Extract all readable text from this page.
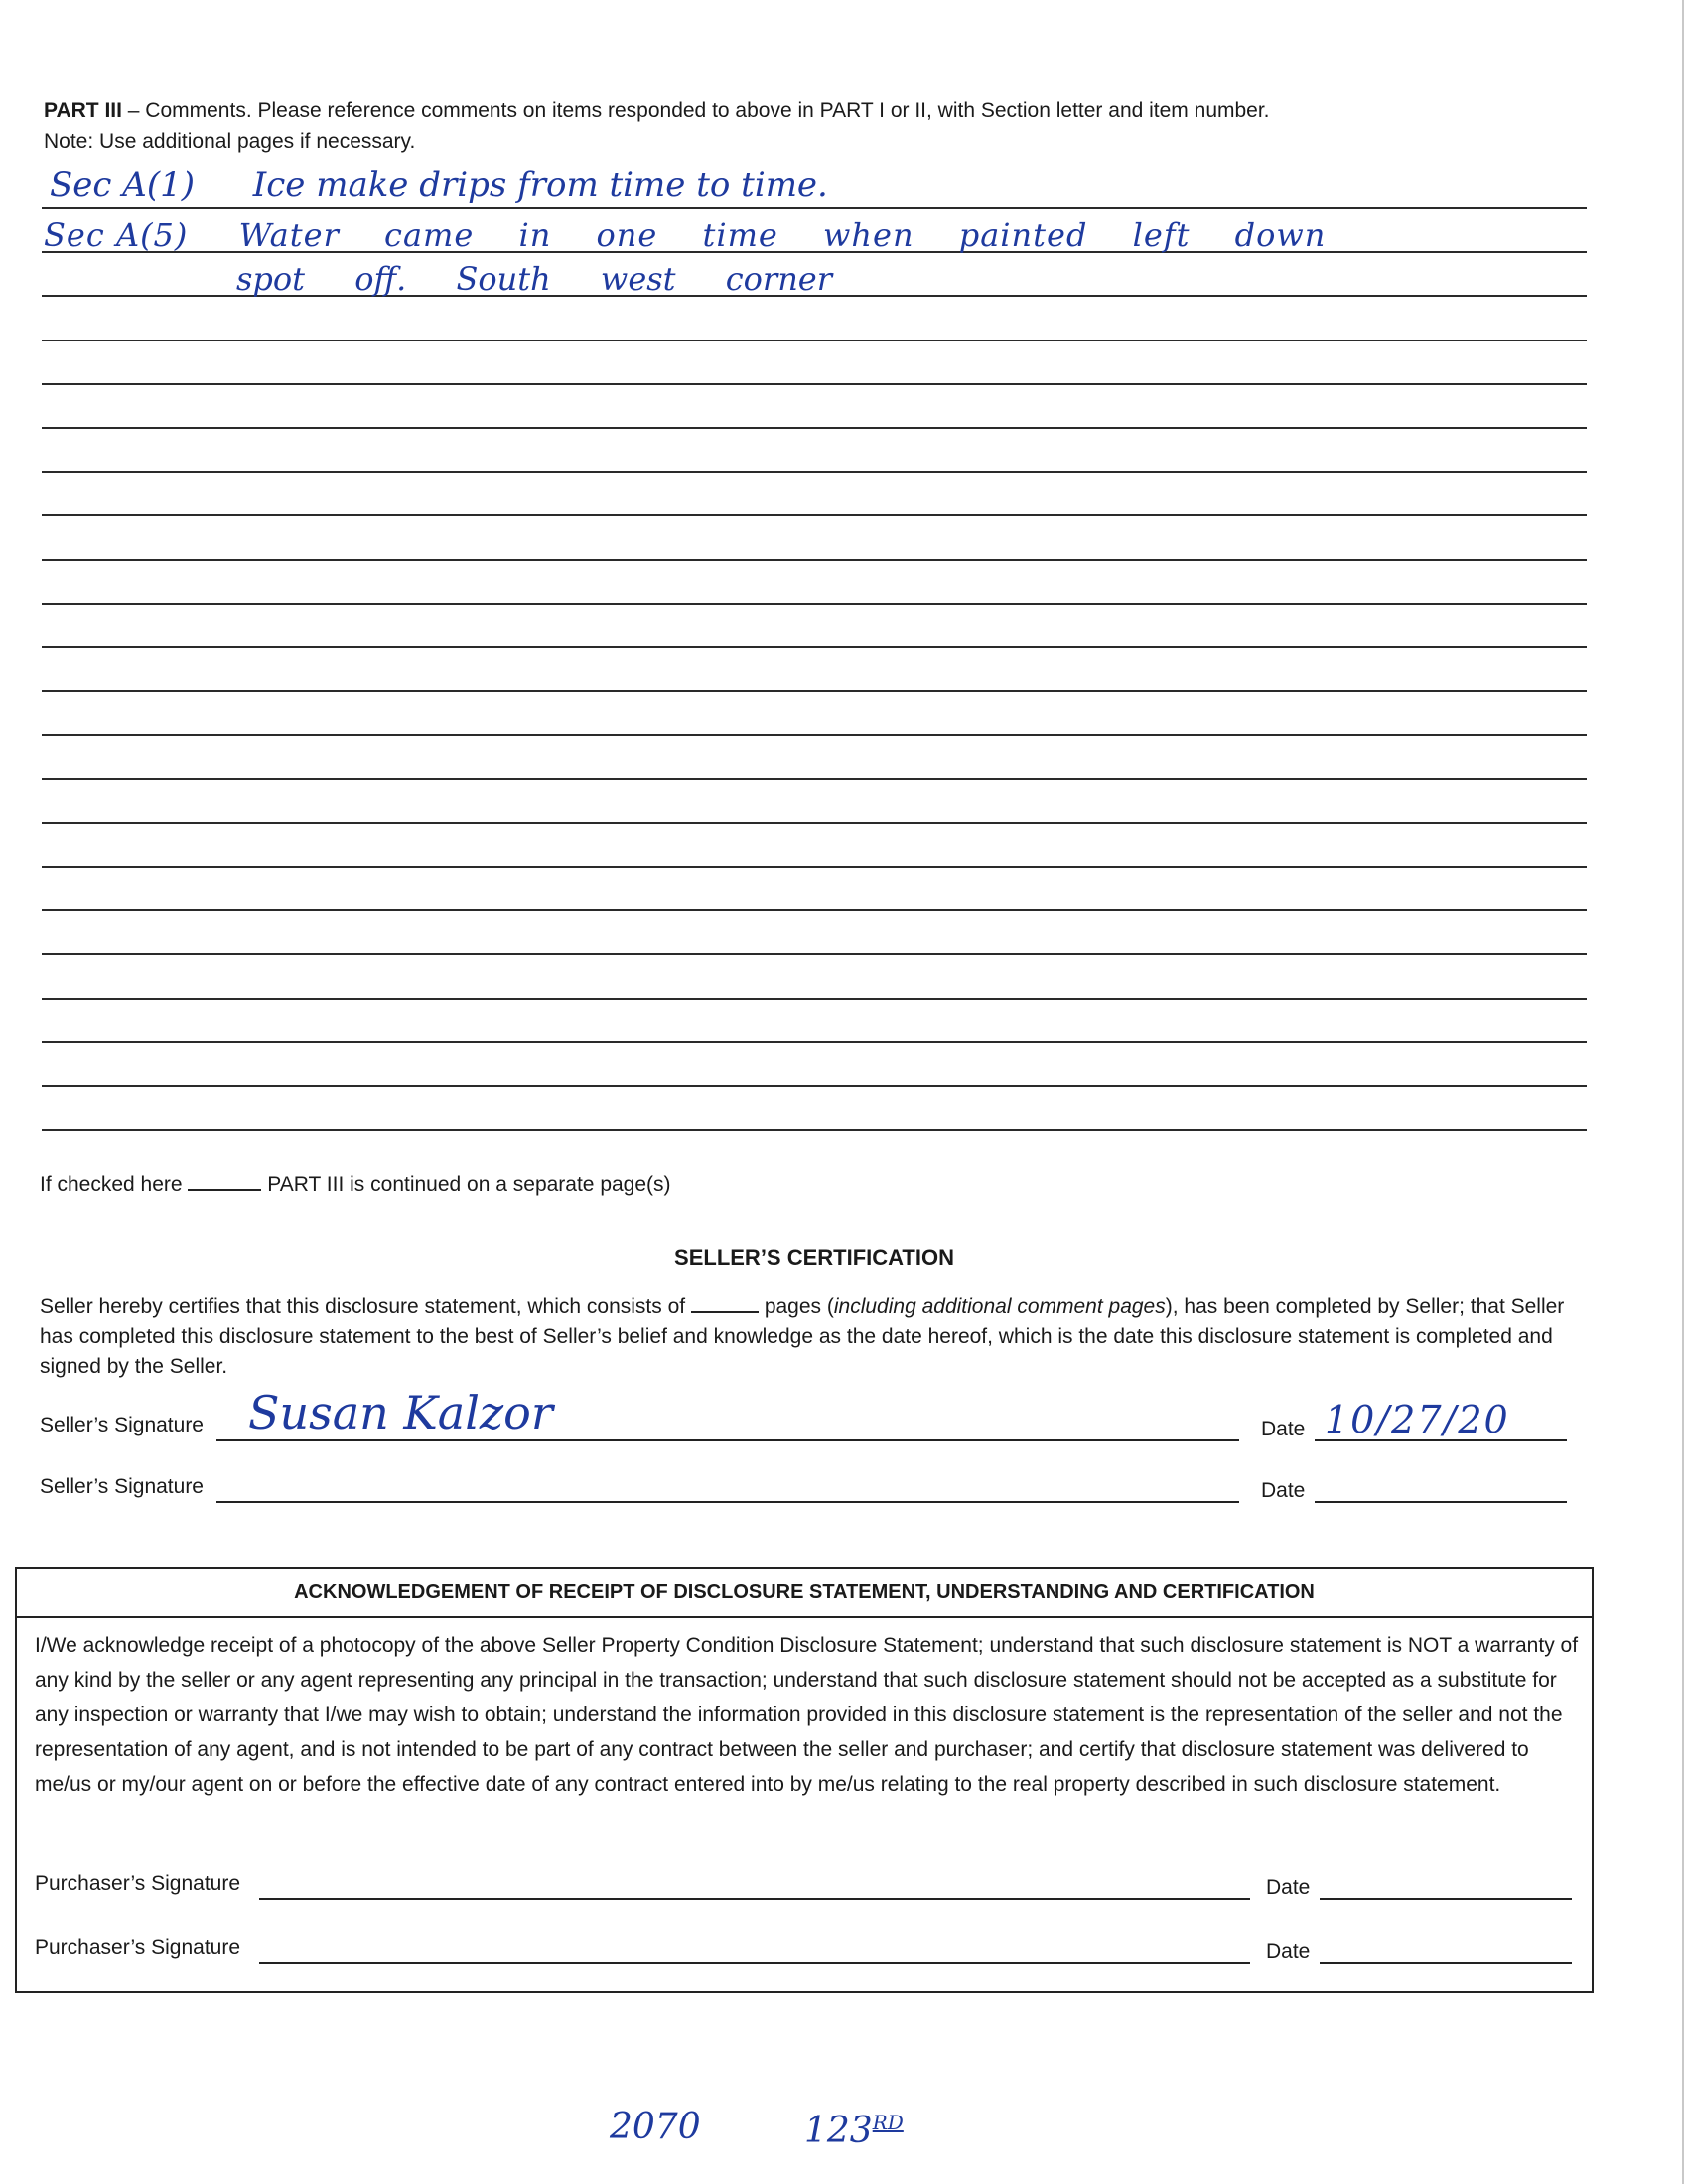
PART III – Comments. Please reference comments on items responded to above in PART I or II, with Section letter and item number.
Note: Use additional pages if necessary.
Sec A(1) Ice make drips from time to time.
Sec A(5) Water came in one time when painted left down
spot off. South west corner
If checked here	PART III is continued on a separate page(s)
SELLER’S CERTIFICATION
Seller hereby certifies that this disclosure statement, which consists of	pages (including additional comment pages), has been completed by Seller; that Seller has completed this disclosure statement to the best of Seller’s belief and knowledge as the date hereof, which is the date this disclosure statement is completed and signed by the Seller.
Seller’s Signature Susan Kalzor	Date 10/27/20
Seller’s Signature	Date
ACKNOWLEDGEMENT OF RECEIPT OF DISCLOSURE STATEMENT, UNDERSTANDING AND CERTIFICATION
I/We acknowledge receipt of a photocopy of the above Seller Property Condition Disclosure Statement; understand that such disclosure statement is NOT a warranty of any kind by the seller or any agent representing any principal in the transaction; understand that such disclosure statement should not be accepted as a substitute for any inspection or warranty that I/we may wish to obtain; understand the information provided in this disclosure statement is the representation of the seller and not the representation of any agent, and is not intended to be part of any contract between the seller and purchaser; and certify that disclosure statement was delivered to me/us or my/our agent on or before the effective date of any contract entered into by me/us relating to the real property described in such disclosure statement.
Purchaser’s Signature	Date
Purchaser’s Signature	Date
2070	123RD
